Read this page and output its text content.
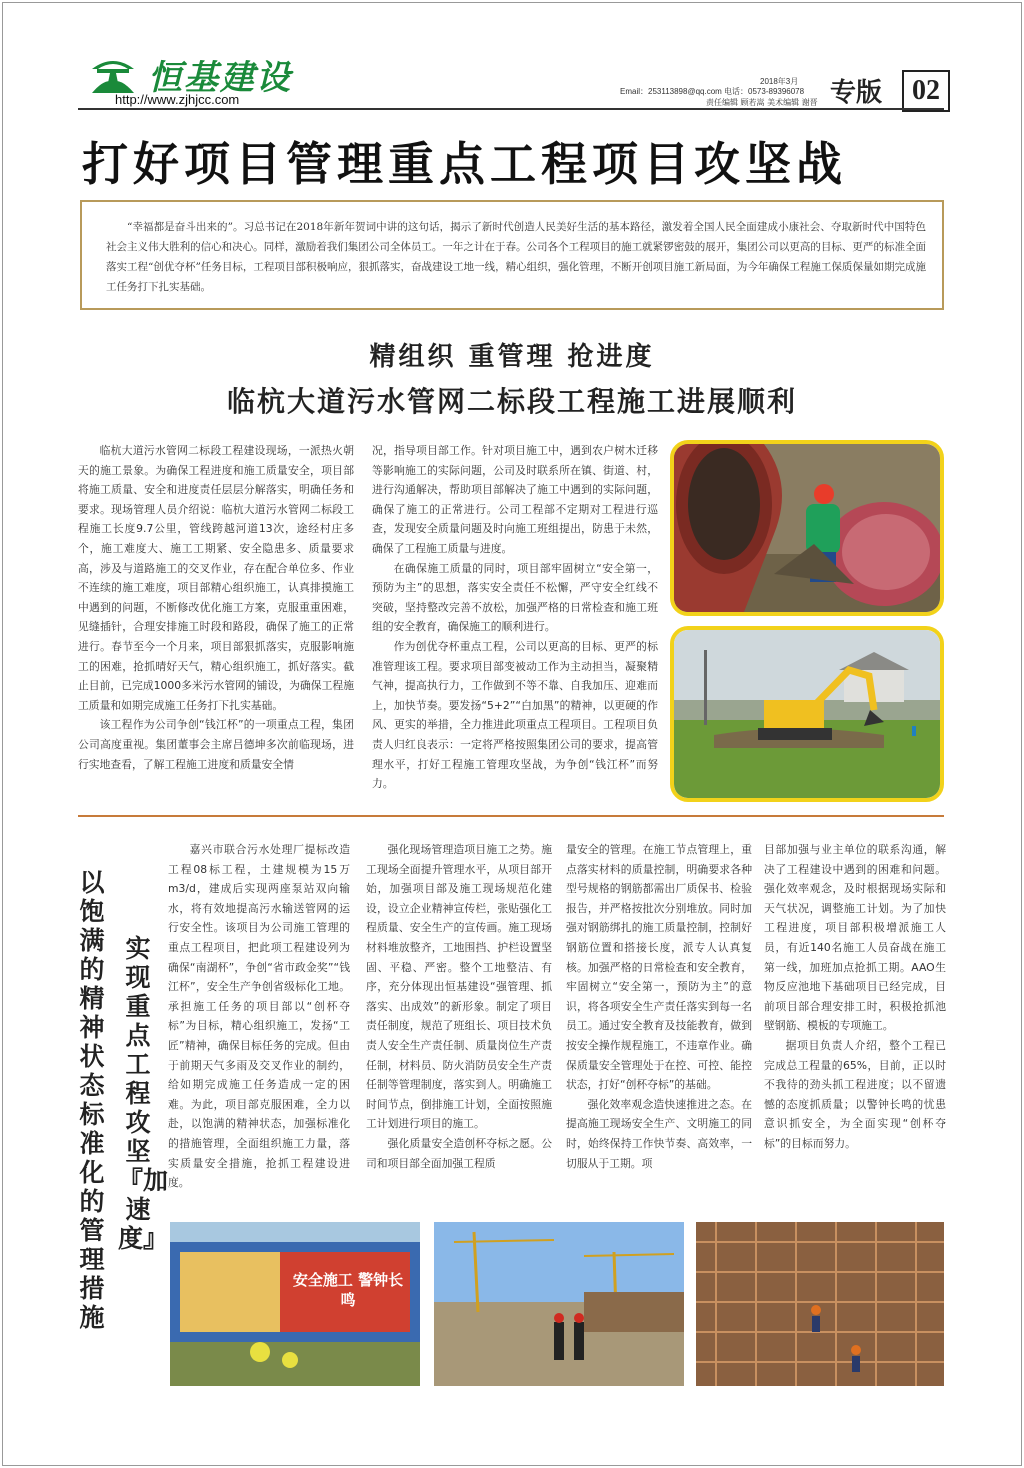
恒基建设
http://www.zjhjcc.com
2018年3月
Email：253113898@qq.com 电话：0573-89396078
责任编辑 顾若嵩 美术编辑 谢晋 专版	02
打好项目管理重点工程项目攻坚战
“幸福都是奋斗出来的”。习总书记在2018年新年贺词中讲的这句话，揭示了新时代创造人民美好生活的基本路径，激发着全国人民全面建成小康社会、夺取新时代中国特色社会主义伟大胜利的信心和决心。同样，激励着我们集团公司全体员工。一年之计在于春。公司各个工程项目的施工就紧锣密鼓的展开，集团公司以更高的目标、更严的标准全面落实工程“创优夺杯”任务目标，工程项目部积极响应，狠抓落实，奋战建设工地一线，精心组织，强化管理，不断开创项目施工新局面，为今年确保工程施工保质保量如期完成施工任务打下扎实基础。
精组织 重管理 抢进度
临杭大道污水管网二标段工程施工进展顺利

临杭大道污水管网二标段工程建设现场，一派热火朝天的施工景象。为确保工程进度和施工质量安全，项目部将施工质量、安全和进度责任层层分解落实，明确任务和要求。现场管理人员介绍说：临杭大道污水管网二标段工程施工长度9.7公里，管线跨越河道13次，途经村庄多个，施工难度大、施工工期紧、安全隐患多、质量要求高，涉及与道路施工的交叉作业，存在配合单位多、作业不连续的施工难度，项目部精心组织施工，认真排摸施工中遇到的问题，不断修改优化施工方案，克服重重困难，见缝插针，合理安排施工时段和路段，确保了施工的正常进行。春节至今一个月来，项目部狠抓落实，克服影响施工的困难，抢抓晴好天气，精心组织施工，抓好落实。截止目前，已完成1000多米污水管网的铺设，为确保工程施工质量和如期完成施工任务打下扎实基础。

该工程作为公司争创“钱江杯”的一项重点工程，集团公司高度重视。集团董事会主席吕德坤多次前临现场，进行实地查看，了解工程施工进度和质量安全情

况，指导项目部工作。针对项目施工中，遇到农户树木迁移等影响施工的实际问题，公司及时联系所在镇、街道、村，进行沟通解决，帮助项目部解决了施工中遇到的实际问题，确保了施工的正常进行。公司工程部不定期对工程进行巡查，发现安全质量问题及时向施工班组提出，防患于未然，确保了工程施工质量与进度。

在确保施工质量的同时，项目部牢固树立“安全第一，预防为主”的思想，落实安全责任不松懈，严守安全红线不突破，坚持整改完善不放松，加强严格的日常检查和施工班组的安全教育，确保施工的顺利进行。

作为创优夺杯重点工程，公司以更高的目标、更严的标准管理该工程。要求项目部变被动工作为主动担当，凝聚精气神，提高执行力，工作做到不等不靠、自我加压、迎难而上，加快节奏。要发扬“5+2”“白加黑”的精神，以更硬的作风、更实的举措，全力推进此项重点工程项目。工程项目负责人归红良表示：一定将严格按照集团公司的要求，提高管理水平，打好工程施工管理攻坚战，为争创“钱江杯”而努力。

以饱满的精神状态 标准化的管理措施
实现重点工程攻坚『加速度』

嘉兴市联合污水处理厂提标改造工程08标工程，土建规模为15万m3/d，建成后实现两座泵站双向输水，将有效地提高污水输送管网的运行安全性。该项目为公司施工管理的重点工程项目，把此项工程建设列为确保“南湖杯”，争创“省市政金奖”“钱江杯”，安全生产争创省级标化工地。承担施工任务的项目部以“创杯夺标”为目标，精心组织施工，发扬“工匠”精神，确保目标任务的完成。但由于前期天气多雨及交叉作业的制约，给如期完成施工任务造成一定的困难。为此，项目部克服困难，全力以赴，以饱满的精神状态，加强标准化的措施管理，全面组织施工力量，落实质量安全措施，抢抓工程建设进度。

强化现场管理造项目施工之势。施工现场全面提升管理水平，从项目部开始，加强项目部及施工现场规范化建设，设立企业精神宣传栏，张贴强化工程质量、安全生产的宣传画。施工现场材料堆放整齐，工地围挡、护栏设置坚固、平稳、严密。整个工地整洁、有序，充分体现出恒基建设“强管理、抓落实、出成效”的新形象。制定了项目责任制度，规范了班组长、项目技术负责人安全生产责任制、质量岗位生产责任制，材料员、防火消防员安全生产责任制等管理制度，落实到人。明确施工时间节点，倒排施工计划，全面按照施工计划进行项目的施工。

强化质量安全造创杯夺标之愿。公司和项目部全面加强工程质

量安全的管理。在施工节点管理上，重点落实材料的质量控制，明确要求各种型号规格的钢筋都需出厂质保书、检验报告，并严格按批次分别堆放。同时加强对钢筋绑扎的施工质量控制，控制好钢筋位置和搭接长度，派专人认真复核。加强严格的日常检查和安全教育，牢固树立“安全第一，预防为主”的意识，将各项安全生产责任落实到每一名员工。通过安全教育及技能教育，做到按安全操作规程施工，不违章作业。确保质量安全管理处于在控、可控、能控状态，打好“创杯夺标”的基础。

强化效率观念造快速推进之态。在提高施工现场安全生产、文明施工的同时，始终保持工作快节奏、高效率，一切服从于工期。项

目部加强与业主单位的联系沟通，解决了工程建设中遇到的困难和问题。强化效率观念，及时根据现场实际和天气状况，调整施工计划。为了加快工程进度，项目部积极增派施工人员，有近140名施工人员奋战在施工第一线，加班加点抢抓工期。AAO生物反应池地下基础项目已经完成，目前项目部合理安排工时，积极抢抓池壁钢筋、模板的专项施工。

据项目负责人介绍，整个工程已完成总工程量的65%，目前，正以时不我待的劲头抓工程进度；以不留遗憾的态度抓质量；以警钟长鸣的忧患意识抓安全，为全面实现“创杯夺标”的目标而努力。

安全施工 警钟长鸣
